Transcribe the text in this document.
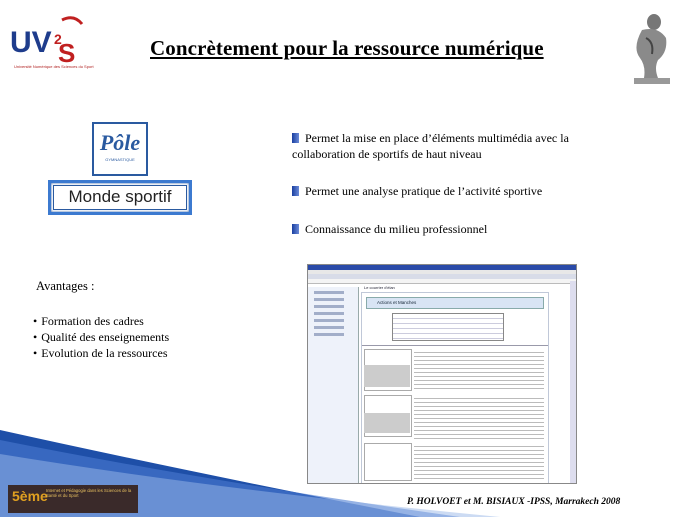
UV S
2
Université Numérique des Sciences du Sport
Concrètement pour la ressource numérique
Pôle
GYMNASTIQUE
Monde sportif
Permet la mise en place d’éléments multimédia avec la collaboration de sportifs de haut niveau
Permet une analyse pratique de l’activité sportive
Connaissance du milieu professionnel
Avantages :
• Formation des cadres
• Qualité des enseignements
• Evolution de la ressources
Le courrier d'élan
Actions et Manches
5ème
Internet et Pédagogie dans les Sciences de la Santé et du Sport
P. HOLVOET et M. BISIAUX -IPSS, Marrakech 2008
